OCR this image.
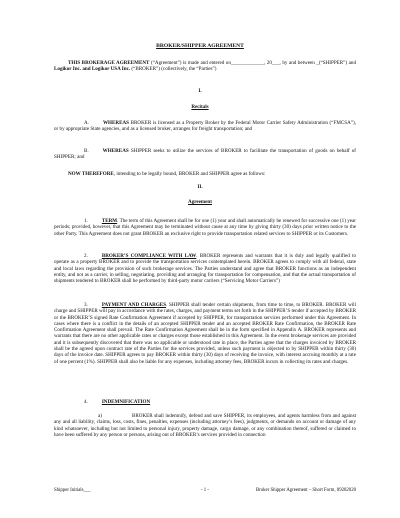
BROKER/SHIPPER AGREEMENT
THIS BROKERAGE AGREEMENT (“Agreement”) is made and entered on_____________, 20___, by and between _(“SHIPPER”) and Logikor Inc. and Logikor USA Inc. (“BROKER”) (collectively, the “Parties”)
I.
Recitals
A.	WHEREAS BROKER is licensed as a Property Broker by the Federal Motor Carrier Safety Administration (“FMCSA”), or by appropriate State agencies, and as a licensed broker, arranges for freight transportation; and
B.	WHEREAS SHIPPER seeks to utilize the services of BROKER to facilitate the transportation of goods on behalf of SHIPPER; and
NOW THEREFORE, intending to be legally bound, BROKER and SHIPPER agree as follows:
II.
Agreement
1.	TERM. The term of this Agreement shall be for one (1) year and shall automatically be renewed for successive one (1) year periods; provided, however, that this Agreement may be terminated without cause at any time by giving thirty (30) days prior written notice to the other Party. This Agreement does not grant BROKER an exclusive right to provide transportation related services to SHIPPER or its Customers.
2.	BROKER’S COMPLIANCE WITH LAW. BROKER represents and warrants that it is duly and legally qualified to operate as a property BROKER and to provide the transportation services contemplated herein. BROKER agrees to comply with all federal, state and local laws regarding the provision of such brokerage services. The Parties understand and agree that BROKER functions as an independent entity, and not as a carrier, in selling, negotiating, providing and arranging for transportation for compensation, and that the actual transportation of shipments tendered to BROKER shall be performed by third-party motor carriers (“Servicing Motor Carriers”)
3.	PAYMENT AND CHARGES. SHIPPER shall tender certain shipments, from time to time, to BROKER. BROKER will charge and SHIPPER will pay in accordance with the rates, charges, and payment terms set forth in the SHIPPER’S tender if accepted by BROKER or the BROKER’S signed Rate Confirmation Agreement if accepted by SHIPPER, for transportation services performed under this Agreement. In cases where there is a conflict in the details of an accepted SHIPPER tender and an accepted BROKER Rate Confirmation, the BROKER Rate Confirmation Agreement shall prevail. The Rate Confirmation Agreement shall be in the form specified in Appendix A. BROKER represents and warrants that there are no other applicable rates or charges except those established in this Agreement. In the event brokerage services are provided and it is subsequently discovered that there was no applicable or understood rate in place, the Parties agree that the charges invoiced by BROKER shall be the agreed upon contract rate of the Parties for the services provided, unless such payment is objected to by SHIPPER within thirty (30) days of the invoice date. SHIPPER agrees to pay BROKER within thirty (30) days of receiving the invoice, with interest accruing monthly at a rate of one percent (1%). SHIPPER shall also be liable for any expenses, including attorney fees, BROKER incurs in collecting its rates and charges.
4.	INDEMNIFICATION
a)	BROKER shall indemnify, defend and save SHIPPER, its employees, and agents harmless from and against any and all liability, claims, loss, costs, fines, penalties, expenses (including attorney’s fees), judgments, or demands on account or damage of any kind whatsoever, including but not limited to personal injury, property damage, cargo damage, or any combination thereof, suffered or claimed to have been suffered by any person or persons, arising out of BROKER’s services provided in connection
Shipper Initials___	- 1 -	Broker Shipper Agreement – Short Form, 09282020
